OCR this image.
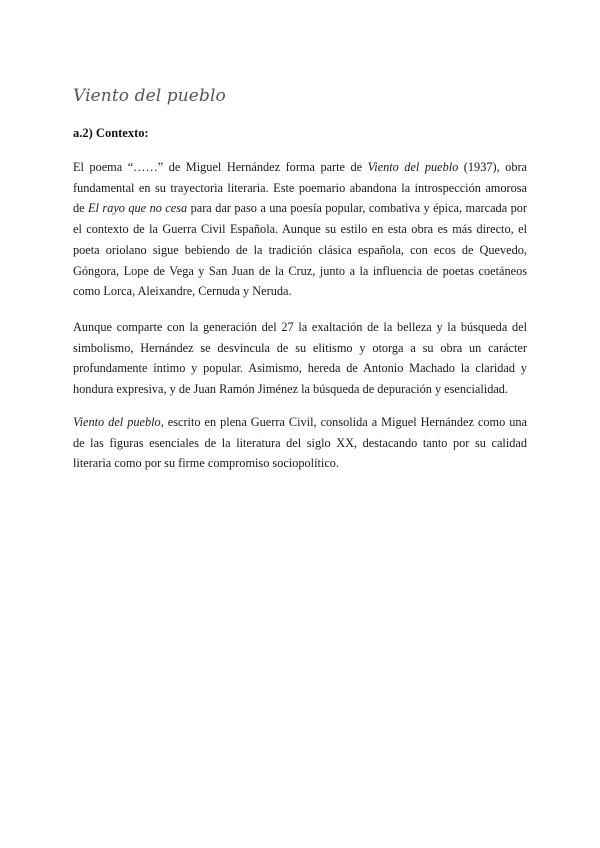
Viento del pueblo
a.2) Contexto:

El poema “……” de Miguel Hernández forma parte de Viento del pueblo (1937), obra fundamental en su trayectoria literaria. Este poemario abandona la introspección amorosa de El rayo que no cesa para dar paso a una poesía popular, combativa y épica, marcada por el contexto de la Guerra Civil Española. Aunque su estilo en esta obra es más directo, el poeta oriolano sigue bebiendo de la tradición clásica española, con ecos de Quevedo, Góngora, Lope de Vega y San Juan de la Cruz, junto a la influencia de poetas coetáneos como Lorca, Aleixandre, Cernuda y Neruda.

Aunque comparte con la generación del 27 la exaltación de la belleza y la búsqueda del simbolismo, Hernández se desvincula de su elitismo y otorga a su obra un carácter profundamente íntimo y popular. Asimismo, hereda de Antonio Machado la claridad y hondura expresiva, y de Juan Ramón Jiménez la búsqueda de depuración y esencialidad.

Viento del pueblo, escrito en plena Guerra Civil, consolida a Miguel Hernández como una de las figuras esenciales de la literatura del siglo XX, destacando tanto por su calidad literaria como por su firme compromiso sociopolítico.
